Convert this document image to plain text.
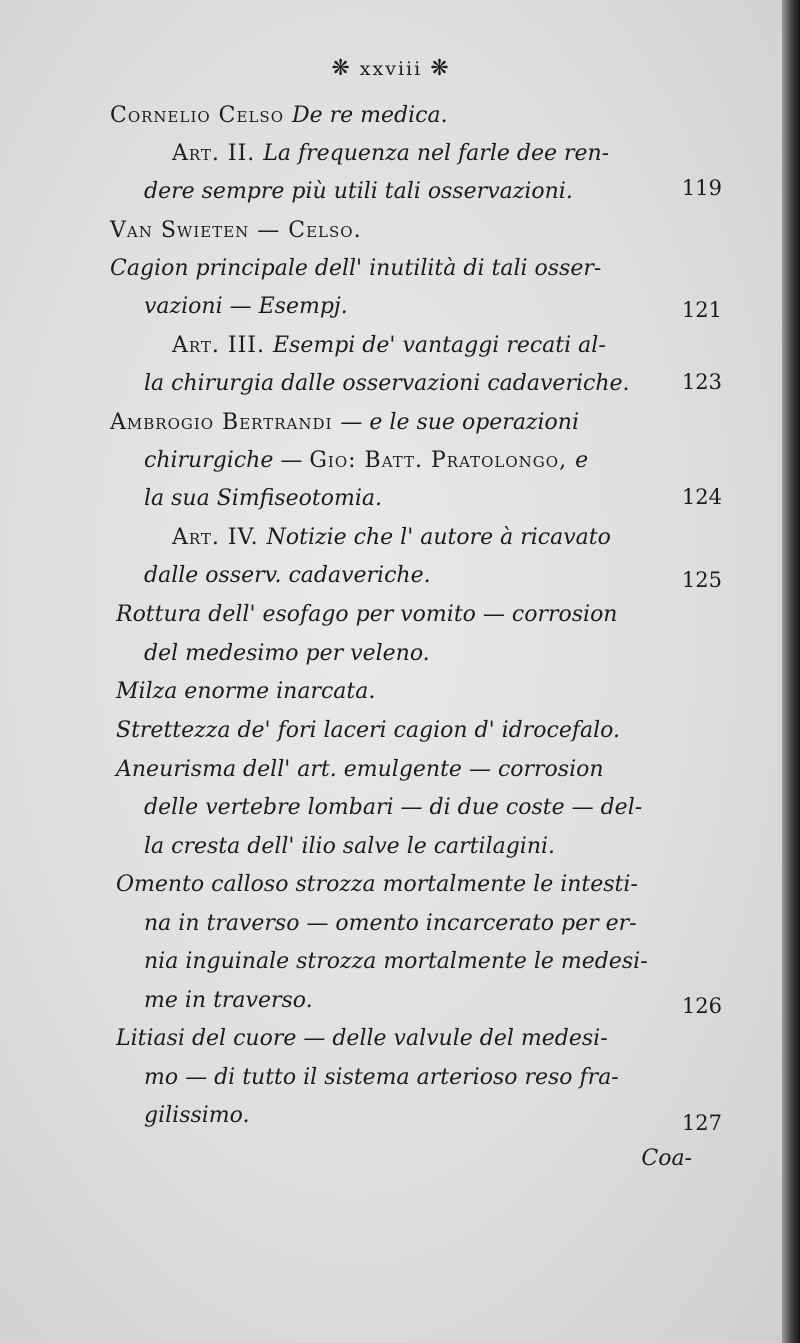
❋ xxviii ❋
Cornelio Celso De re medica.
Art. II. La frequenza nel farle dee ren-
dere sempre più utili tali osservazioni.
Van Swieten — Celso.
Cagion principale dell' inutilità di tali osser-
vazioni — Esempj.
Art. III. Esempi de' vantaggi recati al-
la chirurgia dalle osservazioni cadaveriche.
Ambrogio Bertrandi — e le sue operazioni
chirurgiche — Gio: Batt. Pratolongo, e
la sua Simfiseotomia.
Art. IV. Notizie che l' autore à ricavato
dalle osserv. cadaveriche.
Rottura dell' esofago per vomito — corrosion
del medesimo per veleno.
Milza enorme inarcata.
Strettezza de' fori laceri cagion d' idrocefalo.
Aneurisma dell' art. emulgente — corrosion
delle vertebre lombari — di due coste — del-
la cresta dell' ilio salve le cartilagini.
Omento calloso strozza mortalmente le intesti-
na in traverso — omento incarcerato per er-
nia inguinale strozza mortalmente le medesi-
me in traverso.
Litiasi del cuore — delle valvule del medesi-
mo — di tutto il sistema arterioso reso fra-
gilissimo.
119
121
123
124
125
126
127
Coa-
